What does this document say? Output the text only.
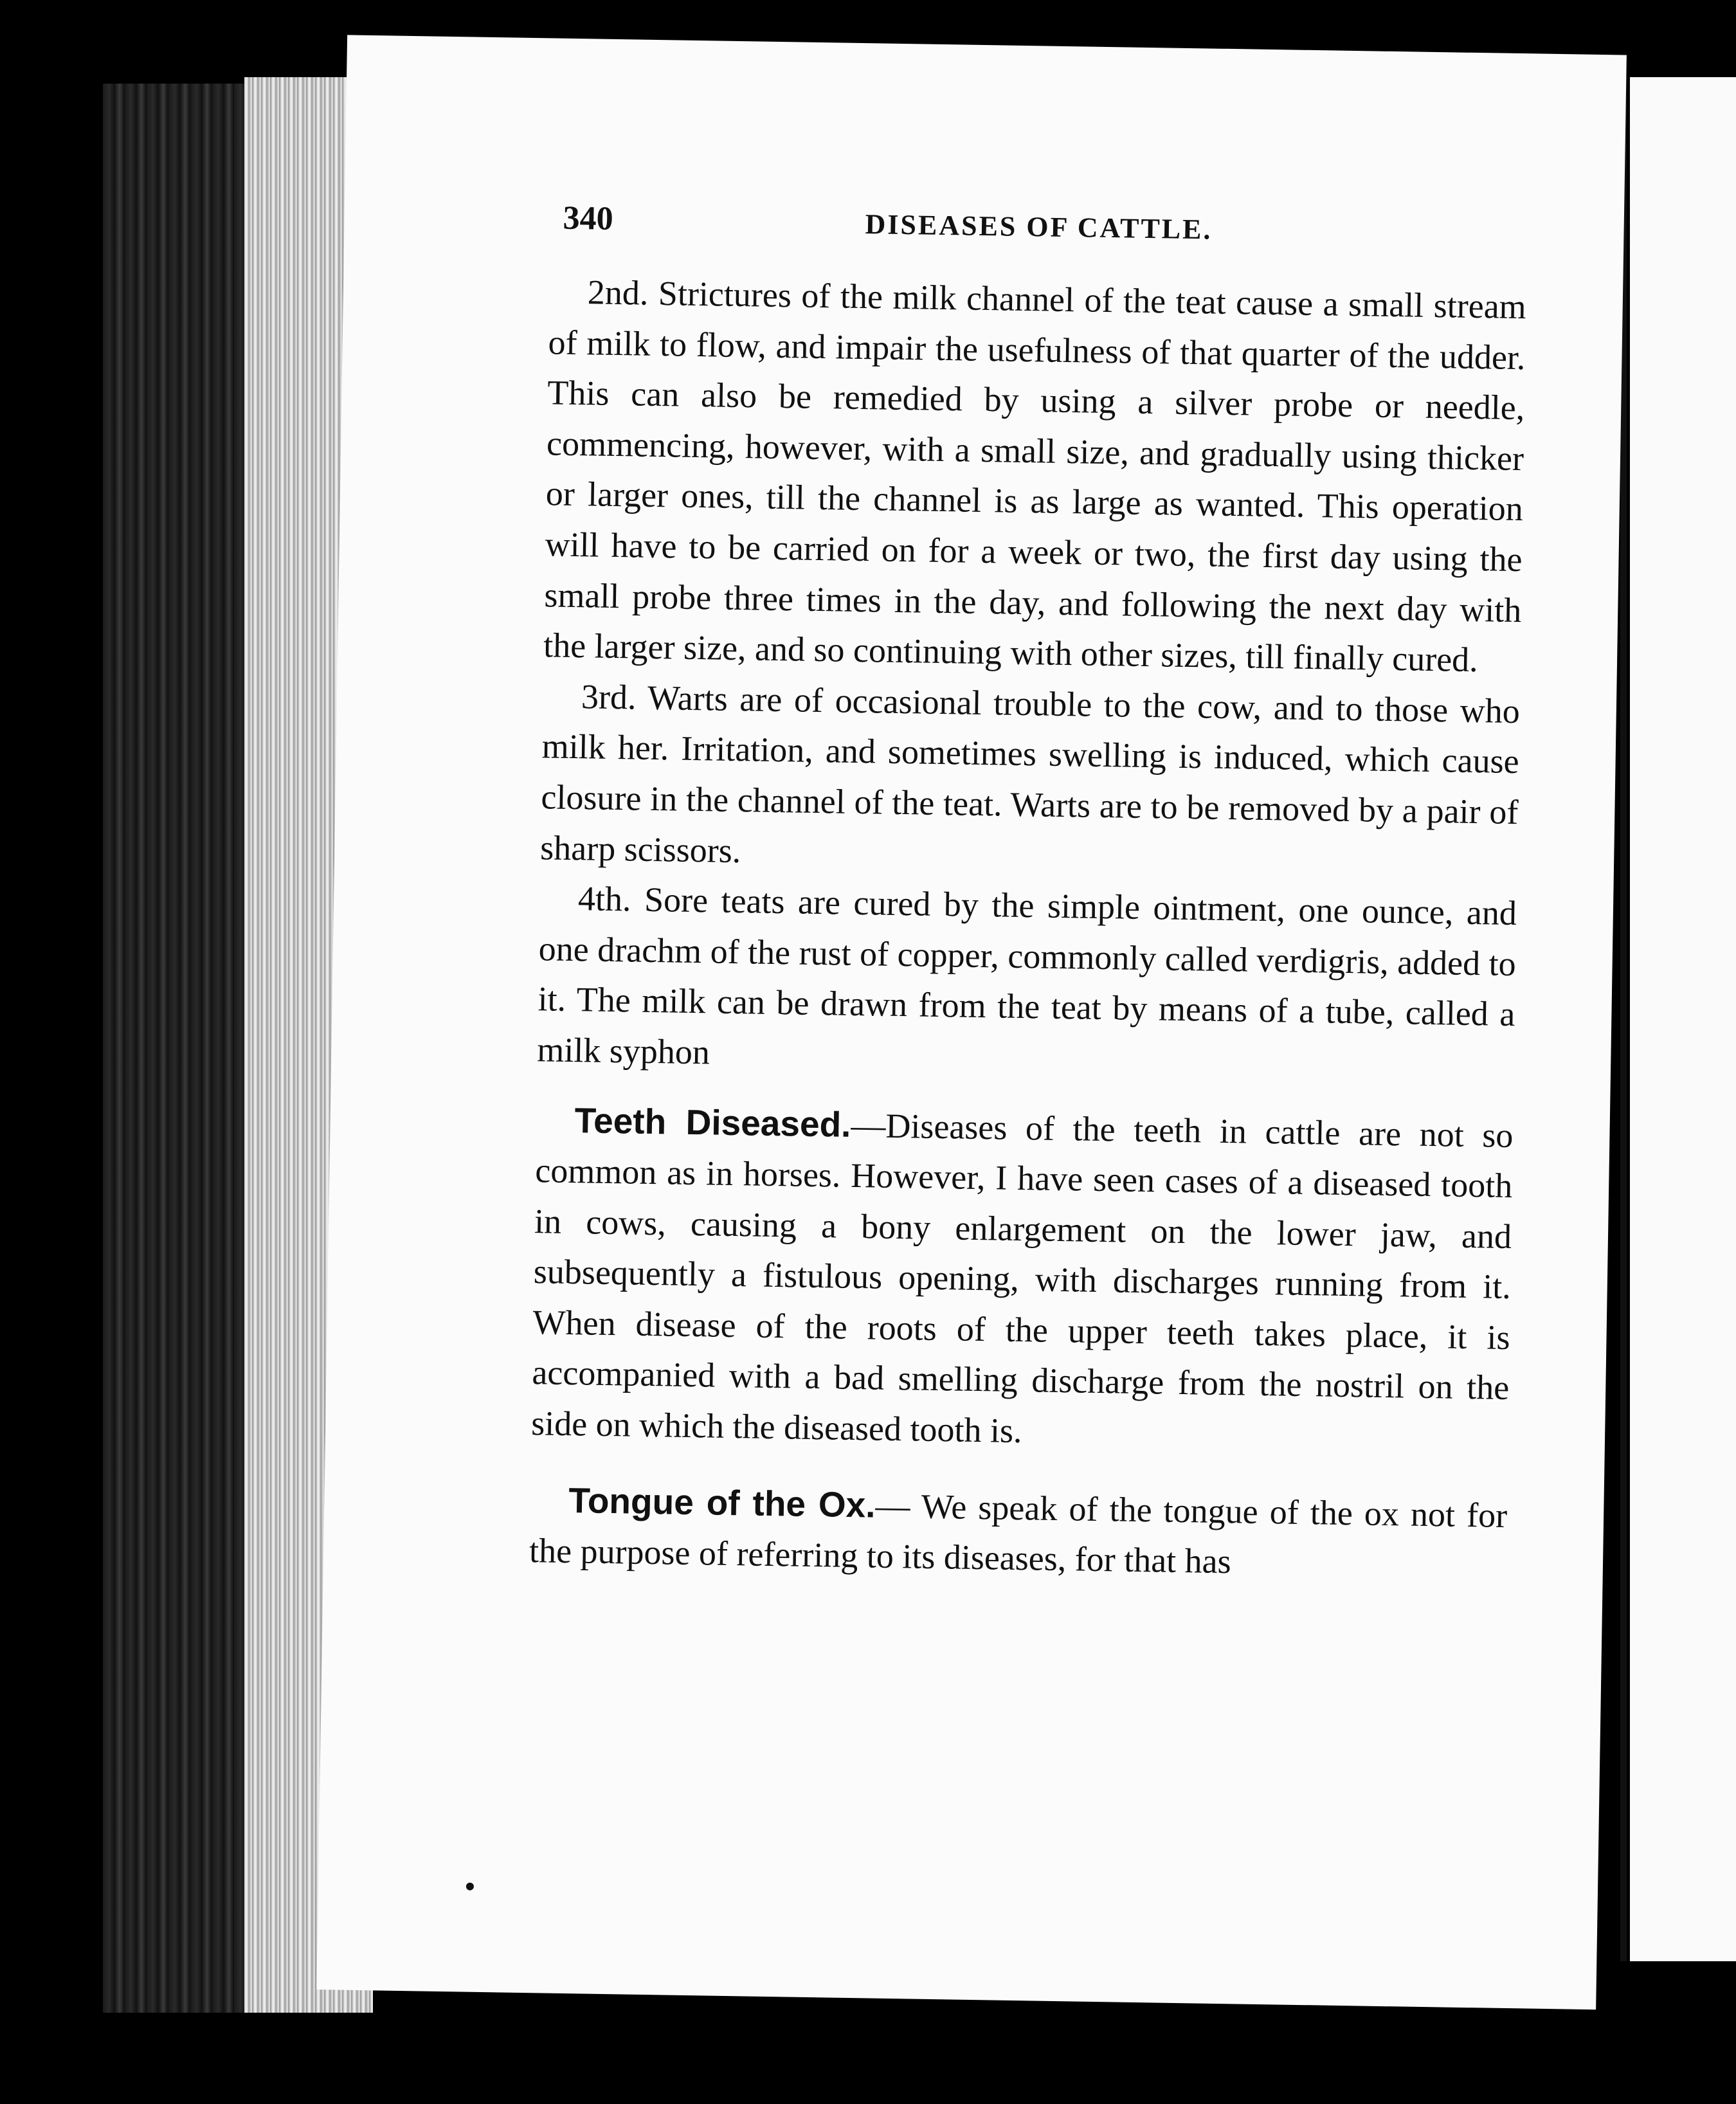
340	DISEASES OF CATTLE.

2nd. Strictures of the milk channel of the teat cause a small stream of milk to flow, and impair the usefulness of that quarter of the udder. This can also be remedied by using a silver probe or needle, commencing, however, with a small size, and gradually using thicker or larger ones, till the channel is as large as wanted. This operation will have to be carried on for a week or two, the first day using the small probe three times in the day, and following the next day with the larger size, and so continuing with other sizes, till finally cured.

3rd. Warts are of occasional trouble to the cow, and to those who milk her. Irritation, and sometimes swelling is induced, which cause closure in the channel of the teat. Warts are to be removed by a pair of sharp scissors.

4th. Sore teats are cured by the simple ointment, one ounce, and one drachm of the rust of copper, commonly called verdigris, added to it. The milk can be drawn from the teat by means of a tube, called a milk syphon

Teeth Diseased.—Diseases of the teeth in cattle are not so common as in horses. However, I have seen cases of a diseased tooth in cows, causing a bony enlargement on the lower jaw, and subsequently a fistulous opening, with discharges running from it. When disease of the roots of the upper teeth takes place, it is accompanied with a bad smelling discharge from the nostril on the side on which the diseased tooth is.

Tongue of the Ox.— We speak of the tongue of the ox not for the purpose of referring to its diseases, for that has
